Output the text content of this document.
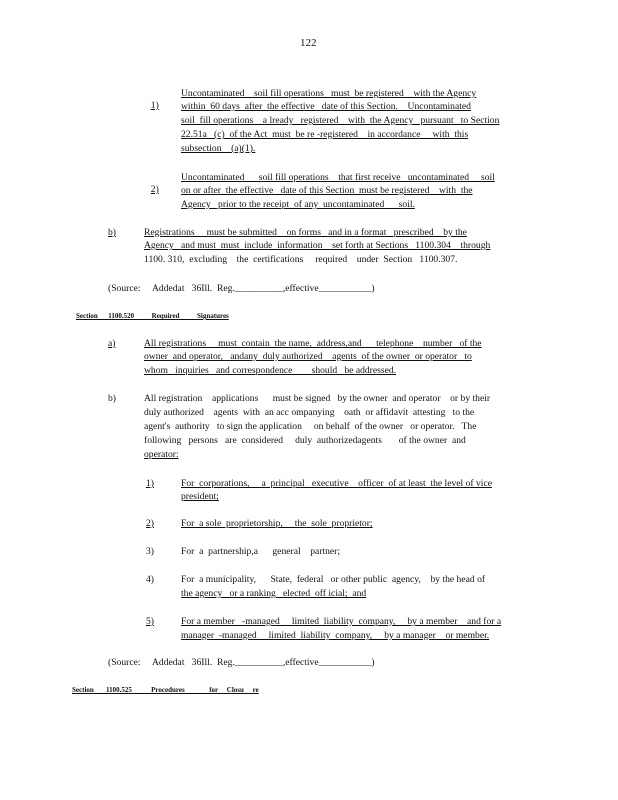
122

1)

Uncontaminated    soil fill operations   must  be registered    with the Agency
within  60 days  after  the effective   date of this Section.    Uncontaminated
soil  fill operations    a lready   registered    with  the Agency   pursuant   to Section
22.51a   (c)  of the Act  must  be re -registered    in accordance     with  this
subsection    (a)(1).

2)

Uncontaminated      soil fill operations    that first receive   uncontaminated     soil
on or after  the effective   date of this Section  must be registered    with  the
Agency   prior to the receipt  of any  uncontaminated      soil.
b)	Registrations     must be submitted    on forms   and in a format   prescribed    by the
Agency   and must  must  include  information    set forth at Sections   1100.304    through
1100. 310,  excluding    the  certifications     required    under  Section   1100.307.
(Source: Addedat   36Ill.  Reg.__________,effective___________)
Section      1100.520          Required          Signatures
a)	All registrations     must  contain  the name,  address,and      telephone    number   of the
owner  and operator,   andany  duly authorized    agents  of the owner  or operator   to
whom   inquiries   and correspondence        should   be addressed.
b)	All registration    applications      must be signed   by the owner  and operator    or by their
duly authorized    agents  with  an acc ompanying    oath  or affidavit  attesting   to the
agent's  authority   to sign the application     on behalf  of the owner   or operator.   The
following   persons   are  considered     duly  authorizedagents       of the owner  and
operator:
1)	For  corporations,     a  principal   executive    officer  of at least  the level of vice
president;
2)	For  a sole  proprietorship,     the  sole  proprietor;
3)	For  a  partnership,a      general    partner;
4)	For  a municipality,      State,  federal   or other public  agency,    by the head of
the agency   or a ranking   elected  off icial;  and
5)	For a member   -managed     limited  liability  company,     by a member    and for a
manager  -managed     limited  liability  company,     by a manager    or member.
(Source: Addedat   36Ill.  Reg.__________,effective___________)
Section       1100.525           Procedures              for     Closu     re
